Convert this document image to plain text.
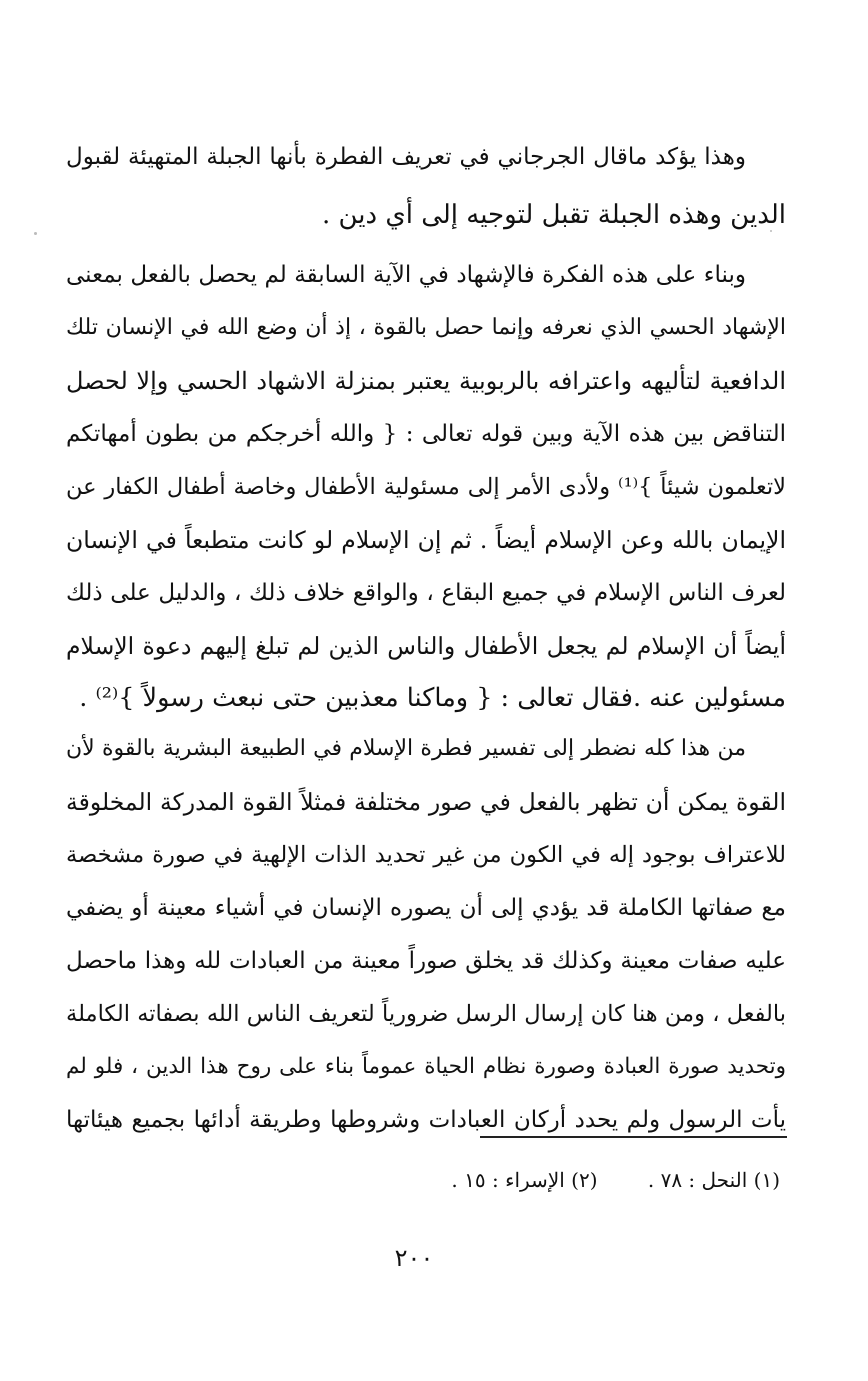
وهذا يؤكد ماقال الجرجاني في تعريف الفطرة بأنها الجبلة المتهيئة لقبول
الدين وهذه الجبلة تقبل لتوجيه إلى أي دين .
وبناء على هذه الفكرة فالإشهاد في الآية السابقة لم يحصل بالفعل بمعنى
الإشهاد الحسي الذي نعرفه وإنما حصل بالقوة ، إذ أن وضع الله في الإنسان تلك
الدافعية لتأليهه واعترافه بالربوبية يعتبر بمنزلة الاشهاد الحسي وإلا لحصل
التناقض بين هذه الآية وبين قوله تعالى : { والله أخرجكم من بطون أمهاتكم
لاتعلمون شيئاً }⁽¹⁾ ولأدى الأمر إلى مسئولية الأطفال وخاصة أطفال الكفار عن
الإيمان بالله وعن الإسلام أيضاً . ثم إن الإسلام لو كانت متطبعاً في الإنسان
لعرف الناس الإسلام في جميع البقاع ، والواقع خلاف ذلك ، والدليل على ذلك
أيضاً أن الإسلام لم يجعل الأطفال والناس الذين لم تبلغ إليهم دعوة الإسلام
مسئولين عنه .فقال تعالى : { وماكنا معذبين حتى نبعث رسولاً }⁽²⁾ .
من هذا كله نضطر إلى تفسير فطرة الإسلام في الطبيعة البشرية بالقوة لأن
القوة يمكن أن تظهر بالفعل في صور مختلفة فمثلاً القوة المدركة المخلوقة
للاعتراف بوجود إله في الكون من غير تحديد الذات الإلهية في صورة مشخصة
مع صفاتها الكاملة قد يؤدي إلى أن يصوره الإنسان في أشياء معينة أو يضفي
عليه صفات معينة وكذلك قد يخلق صوراً معينة من العبادات لله وهذا ماحصل
بالفعل ، ومن هنا كان إرسال الرسل ضرورياً لتعريف الناس الله بصفاته الكاملة
وتحديد صورة العبادة وصورة نظام الحياة عموماً بناء على روح هذا الدين ، فلو لم
يأت الرسول ولم يحدد أركان العبادات وشروطها وطريقة أدائها بجميع هيئاتها
(١) النحل : ٧٨ . (٢) الإسراء : ١٥ .
٢٠٠
